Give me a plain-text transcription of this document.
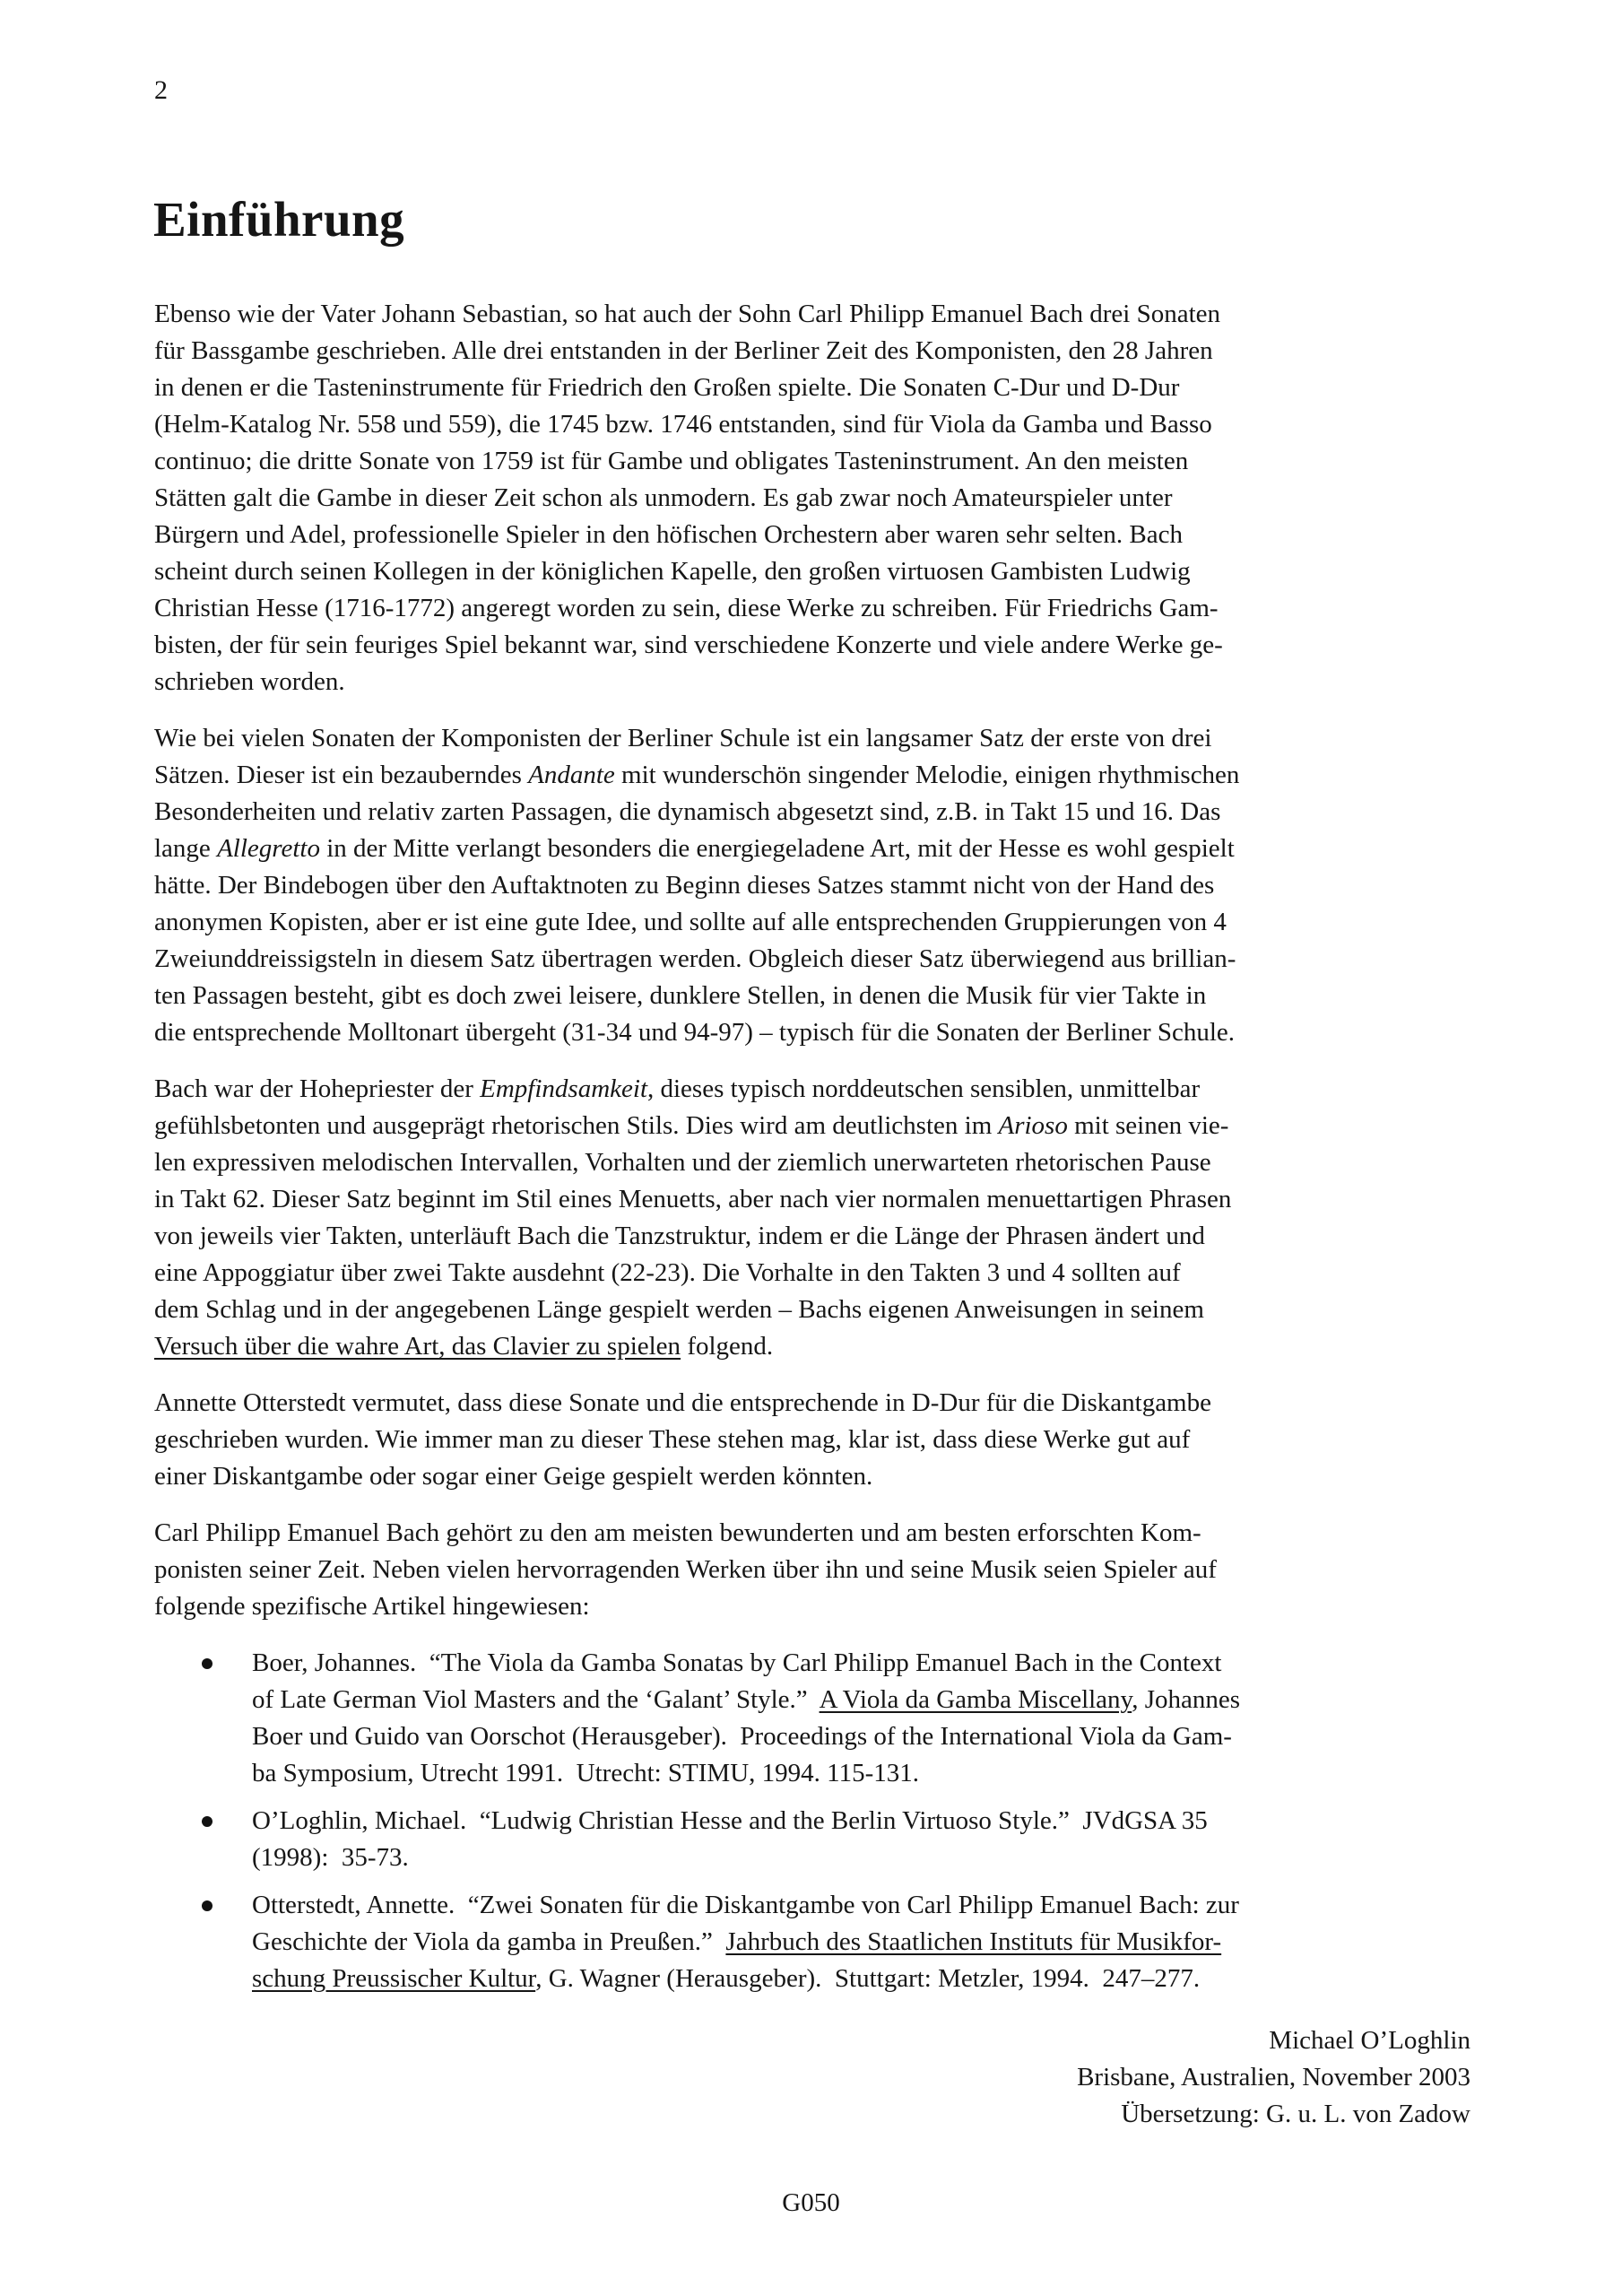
2
Einführung
Ebenso wie der Vater Johann Sebastian, so hat auch der Sohn Carl Philipp Emanuel Bach drei Sonaten
für Bassgambe geschrieben. Alle drei entstanden in der Berliner Zeit des Komponisten, den 28 Jahren
in denen er die Tasteninstrumente für Friedrich den Großen spielte. Die Sonaten C-Dur und D-Dur
(Helm-Katalog Nr. 558 und 559), die 1745 bzw. 1746 entstanden, sind für Viola da Gamba und Basso
continuo; die dritte Sonate von 1759 ist für Gambe und obligates Tasteninstrument. An den meisten
Stätten galt die Gambe in dieser Zeit schon als unmodern. Es gab zwar noch Amateurspieler unter
Bürgern und Adel, professionelle Spieler in den höfischen Orchestern aber waren sehr selten. Bach
scheint durch seinen Kollegen in der königlichen Kapelle, den großen virtuosen Gambisten Ludwig
Christian Hesse (1716-1772) angeregt worden zu sein, diese Werke zu schreiben. Für Friedrichs Gam-
bisten, der für sein feuriges Spiel bekannt war, sind verschiedene Konzerte und viele andere Werke ge-
schrieben worden.
Wie bei vielen Sonaten der Komponisten der Berliner Schule ist ein langsamer Satz der erste von drei
Sätzen. Dieser ist ein bezauberndes Andante mit wunderschön singender Melodie, einigen rhythmischen
Besonderheiten und relativ zarten Passagen, die dynamisch abgesetzt sind, z.B. in Takt 15 und 16. Das
lange Allegretto in der Mitte verlangt besonders die energiegeladene Art, mit der Hesse es wohl gespielt
hätte. Der Bindebogen über den Auftaktnoten zu Beginn dieses Satzes stammt nicht von der Hand des
anonymen Kopisten, aber er ist eine gute Idee, und sollte auf alle entsprechenden Gruppierungen von 4
Zweiunddreissigsteln in diesem Satz übertragen werden. Obgleich dieser Satz überwiegend aus brillian-
ten Passagen besteht, gibt es doch zwei leisere, dunklere Stellen, in denen die Musik für vier Takte in
die entsprechende Molltonart übergeht (31-34 und 94-97) – typisch für die Sonaten der Berliner Schule.
Bach war der Hohepriester der Empfindsamkeit, dieses typisch norddeutschen sensiblen, unmittelbar
gefühlsbetonten und ausgeprägt rhetorischen Stils. Dies wird am deutlichsten im Arioso mit seinen vie-
len expressiven melodischen Intervallen, Vorhalten und der ziemlich unerwarteten rhetorischen Pause
in Takt 62. Dieser Satz beginnt im Stil eines Menuetts, aber nach vier normalen menuettartigen Phrasen
von jeweils vier Takten, unterläuft Bach die Tanzstruktur, indem er die Länge der Phrasen ändert und
eine Appoggiatur über zwei Takte ausdehnt (22-23). Die Vorhalte in den Takten 3 und 4 sollten auf
dem Schlag und in der angegebenen Länge gespielt werden – Bachs eigenen Anweisungen in seinem
Versuch über die wahre Art, das Clavier zu spielen folgend.
Annette Otterstedt vermutet, dass diese Sonate und die entsprechende in D-Dur für die Diskantgambe
geschrieben wurden. Wie immer man zu dieser These stehen mag, klar ist, dass diese Werke gut auf
einer Diskantgambe oder sogar einer Geige gespielt werden könnten.
Carl Philipp Emanuel Bach gehört zu den am meisten bewunderten und am besten erforschten Kom-
ponisten seiner Zeit. Neben vielen hervorragenden Werken über ihn und seine Musik seien Spieler auf
folgende spezifische Artikel hingewiesen:
Boer, Johannes.  “The Viola da Gamba Sonatas by Carl Philipp Emanuel Bach in the Context
of Late German Viol Masters and the ‘Galant’ Style.”  A Viola da Gamba Miscellany, Johannes
Boer und Guido van Oorschot (Herausgeber).  Proceedings of the International Viola da Gam-
ba Symposium, Utrecht 1991.  Utrecht: STIMU, 1994. 115-131.
O’Loghlin, Michael.  “Ludwig Christian Hesse and the Berlin Virtuoso Style.”  JVdGSA 35
(1998):  35-73.
Otterstedt, Annette.  “Zwei Sonaten für die Diskantgambe von Carl Philipp Emanuel Bach: zur
Geschichte der Viola da gamba in Preußen.”  Jahrbuch des Staatlichen Instituts für Musikfor-
schung Preussischer Kultur, G. Wagner (Herausgeber).  Stuttgart: Metzler, 1994.  247–277.
Michael O’Loghlin
Brisbane, Australien, November 2003
Übersetzung: G. u. L. von Zadow
G050
